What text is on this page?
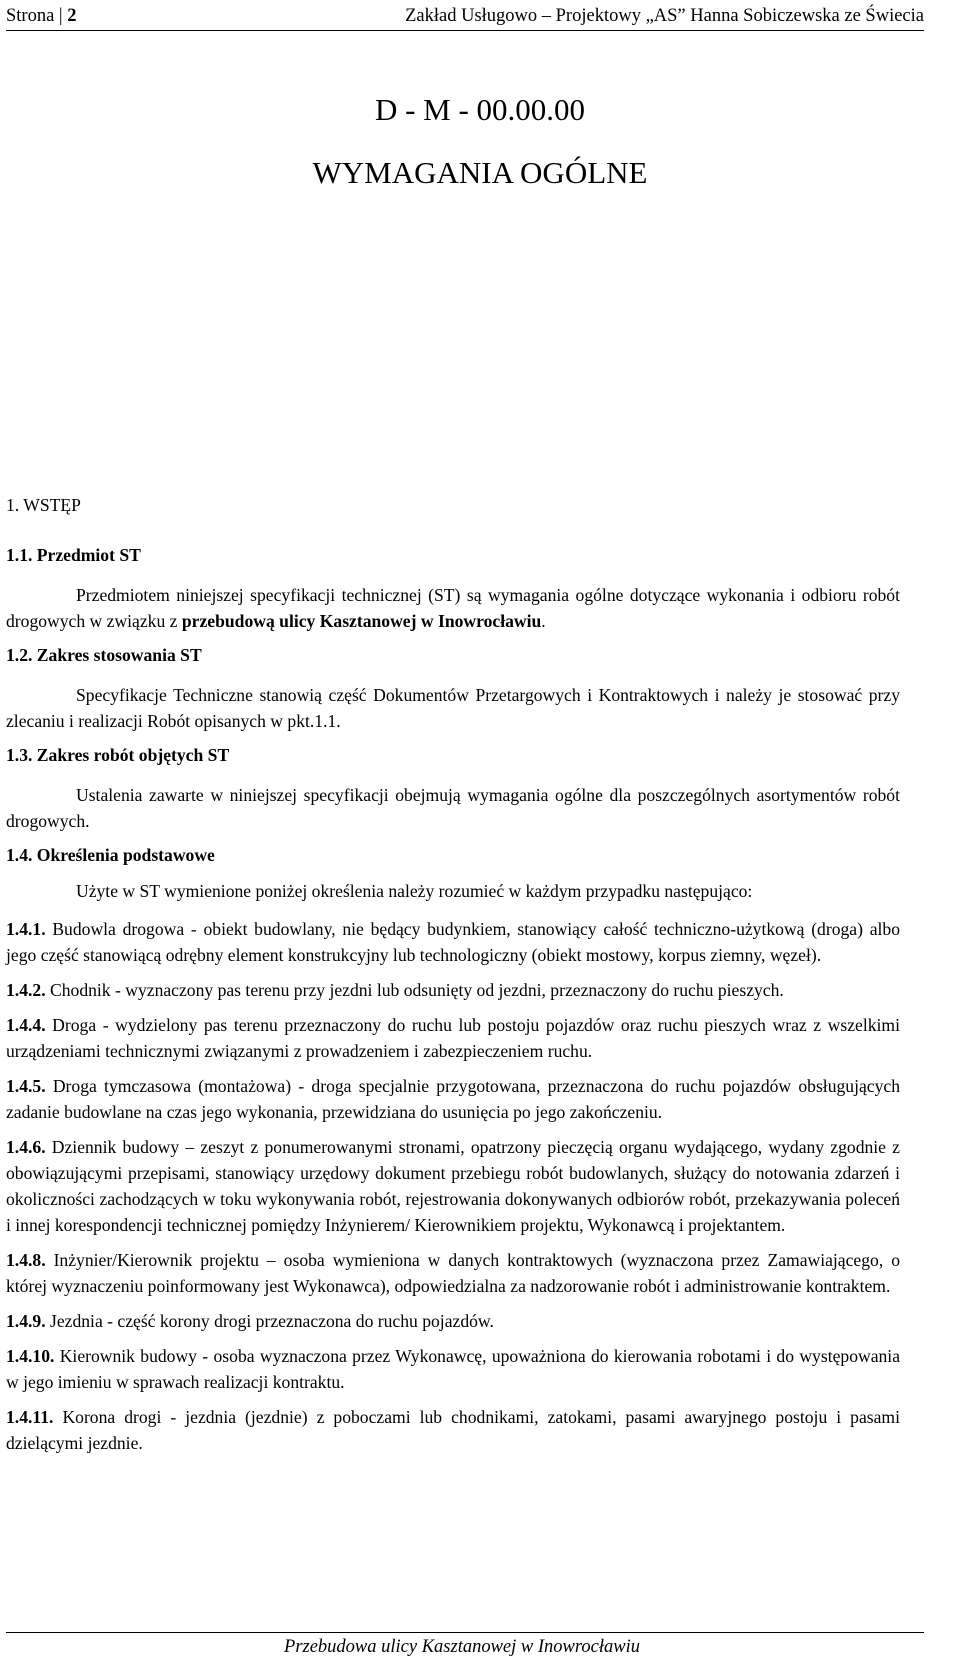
Strona | 2	Zakład Usługowo – Projektowy „AS” Hanna Sobiczewska ze Świecia
D - M - 00.00.00
WYMAGANIA OGÓLNE
1. WSTĘP
1.1. Przedmiot ST

Przedmiotem niniejszej specyfikacji technicznej (ST) są wymagania ogólne dotyczące wykonania i odbioru robót drogowych w związku z przebudową ulicy Kasztanowej w Inowrocławiu.

1.2. Zakres stosowania ST

Specyfikacje Techniczne stanowią część Dokumentów Przetargowych i Kontraktowych i należy je stosować przy zlecaniu i realizacji Robót opisanych w pkt.1.1.

1.3. Zakres robót objętych ST

Ustalenia zawarte w niniejszej specyfikacji obejmują wymagania ogólne dla poszczególnych asortymentów robót drogowych.

1.4. Określenia podstawowe

Użyte w ST wymienione poniżej określenia należy rozumieć w każdym przypadku następująco:

1.4.1. Budowla drogowa - obiekt budowlany, nie będący budynkiem, stanowiący całość techniczno-użytkową (droga) albo jego część stanowiącą odrębny element konstrukcyjny lub technologiczny (obiekt mostowy, korpus ziemny, węzeł).

1.4.2. Chodnik - wyznaczony pas terenu przy jezdni lub odsunięty od jezdni, przeznaczony do ruchu pieszych.

1.4.4. Droga - wydzielony pas terenu przeznaczony do ruchu lub postoju pojazdów oraz ruchu pieszych wraz z wszelkimi urządzeniami technicznymi związanymi z prowadzeniem i zabezpieczeniem ruchu.

1.4.5. Droga tymczasowa (montażowa) - droga specjalnie przygotowana, przeznaczona do ruchu pojazdów obsługujących zadanie budowlane na czas jego wykonania, przewidziana do usunięcia po jego zakończeniu.

1.4.6. Dziennik budowy – zeszyt z ponumerowanymi stronami, opatrzony pieczęcią organu wydającego, wydany zgodnie z obowiązującymi przepisami, stanowiący urzędowy dokument przebiegu robót budowlanych, służący do notowania zdarzeń i okoliczności zachodzących w toku wykonywania robót, rejestrowania dokonywanych odbiorów robót, przekazywania poleceń i innej korespondencji technicznej pomiędzy Inżynierem/ Kierownikiem projektu, Wykonawcą i projektantem.

1.4.8. Inżynier/Kierownik projektu – osoba wymieniona w danych kontraktowych (wyznaczona przez Zamawiającego, o której wyznaczeniu poinformowany jest Wykonawca), odpowiedzialna za nadzorowanie robót i administrowanie kontraktem.

1.4.9. Jezdnia - część korony drogi przeznaczona do ruchu pojazdów.

1.4.10. Kierownik budowy - osoba wyznaczona przez Wykonawcę, upoważniona do kierowania robotami i do występowania w jego imieniu w sprawach realizacji kontraktu.

1.4.11. Korona drogi - jezdnia (jezdnie) z poboczami lub chodnikami, zatokami, pasami awaryjnego postoju i pasami dzielącymi jezdnie.

Przebudowa ulicy Kasztanowej w Inowrocławiu
